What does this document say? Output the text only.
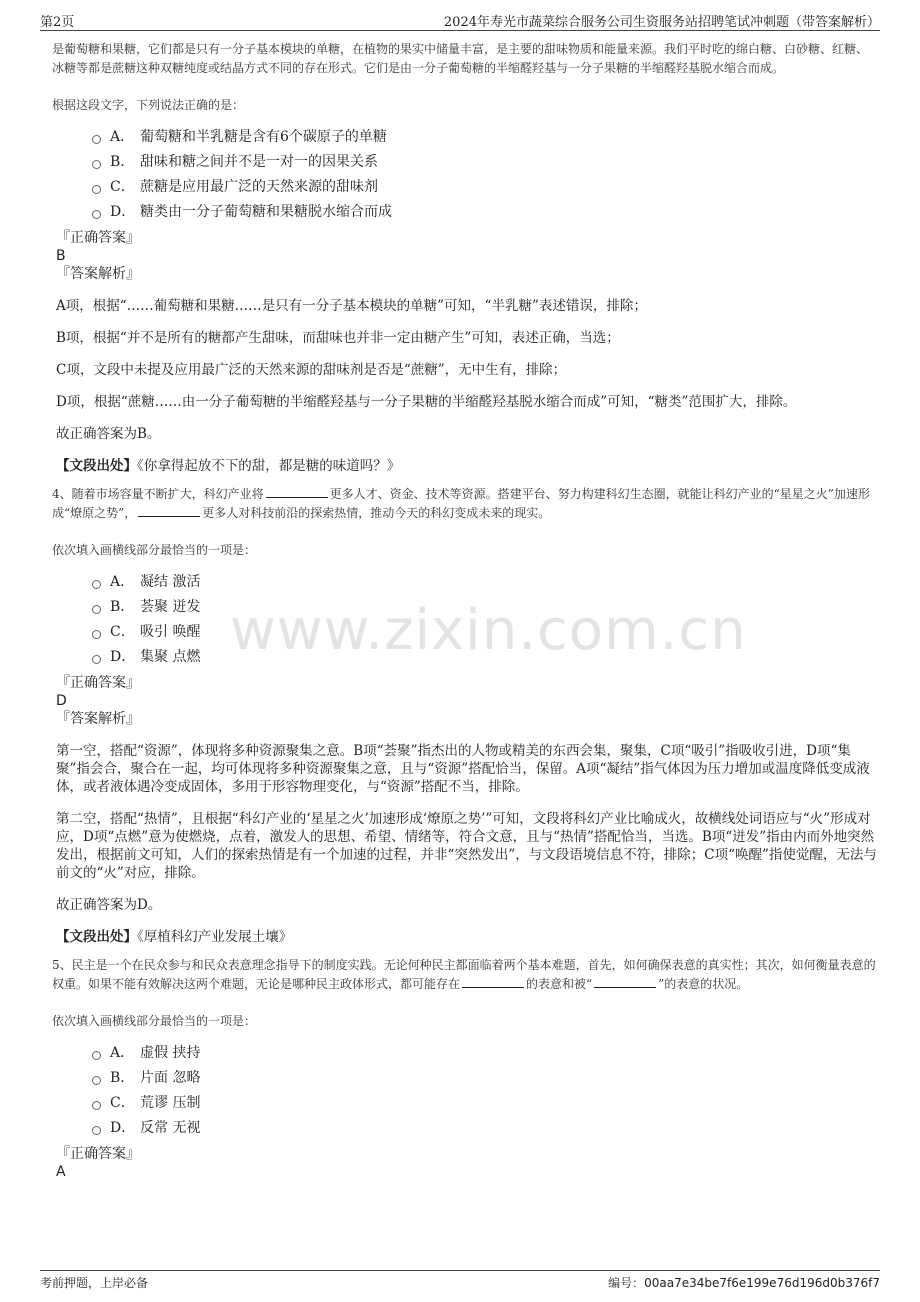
第2页	2024年寿光市蔬菜综合服务公司生资服务站招聘笔试冲刺题（带答案解析）
www.zixin.com.cn

是葡萄糖和果糖，它们都是只有一分子基本模块的单糖，在植物的果实中储量丰富，是主要的甜味物质和能量来源。我们平时吃的绵白糖、白砂糖、红糖、冰糖等都是蔗糖这种双糖纯度或结晶方式不同的存在形式。它们是由一分子葡萄糖的半缩醛羟基与一分子果糖的半缩醛羟基脱水缩合而成。

根据这段文字，下列说法正确的是：

A． 葡萄糖和半乳糖是含有6个碳原子的单糖
B． 甜味和糖之间并不是一对一的因果关系
C． 蔗糖是应用最广泛的天然来源的甜味剂
D． 糖类由一分子葡萄糖和果糖脱水缩合而成

『正确答案』

B

『答案解析』

A项，根据“……葡萄糖和果糖……是只有一分子基本模块的单糖”可知，“半乳糖”表述错误，排除；

B项，根据“并不是所有的糖都产生甜味，而甜味也并非一定由糖产生”可知，表述正确，当选；

C项，文段中未提及应用最广泛的天然来源的甜味剂是否是“蔗糖”，无中生有，排除；

D项，根据“蔗糖……由一分子葡萄糖的半缩醛羟基与一分子果糖的半缩醛羟基脱水缩合而成”可知，“糖类”范围扩大，排除。

故正确答案为B。

【文段出处】《你拿得起放不下的甜，都是糖的味道吗？》

4、随着市场容量不断扩大，科幻产业将	更多人才、资金、技术等资源。搭建平台、努力构建科幻生态圈，就能让科幻产业的“星星之火”加速形成“燎原之势”，	更多人对科技前沿的探索热情，推动今天的科幻变成未来的现实。

依次填入画横线部分最恰当的一项是：

A． 凝结 激活
B． 荟聚 迸发
C． 吸引 唤醒
D． 集聚 点燃

『正确答案』

D

『答案解析』

第一空，搭配“资源”，体现将多种资源聚集之意。B项“荟聚”指杰出的人物或精美的东西会集，聚集，C项“吸引”指吸收引进，D项“集聚”指会合，聚合在一起，均可体现将多种资源聚集之意，且与“资源”搭配恰当，保留。A项“凝结”指气体因为压力增加或温度降低变成液体，或者液体遇冷变成固体，多用于形容物理变化，与“资源”搭配不当，排除。

第二空，搭配“热情”，且根据“科幻产业的‘星星之火’加速形成‘燎原之势’”可知，文段将科幻产业比喻成火，故横线处词语应与“火”形成对应，D项“点燃”意为使燃烧，点着，激发人的思想、希望、情绪等，符合文意，且与“热情”搭配恰当，当选。B项“迸发”指由内而外地突然发出，根据前文可知，人们的探索热情是有一个加速的过程，并非“突然发出”，与文段语境信息不符，排除；C项“唤醒”指使觉醒，无法与前文的“火”对应，排除。

故正确答案为D。

【文段出处】《厚植科幻产业发展土壤》

5、民主是一个在民众参与和民众表意理念指导下的制度实践。无论何种民主都面临着两个基本难题，首先，如何确保表意的真实性；其次，如何衡量表意的权重。如果不能有效解决这两个难题，无论是哪种民主政体形式，都可能存在	的表意和被“	”的表意的状况。

依次填入画横线部分最恰当的一项是：

A． 虚假 挟持
B． 片面 忽略
C． 荒谬 压制
D． 反常 无视

『正确答案』

A

考前押题，上岸必备	编号：00aa7e34be7f6e199e76d196d0b376f7
